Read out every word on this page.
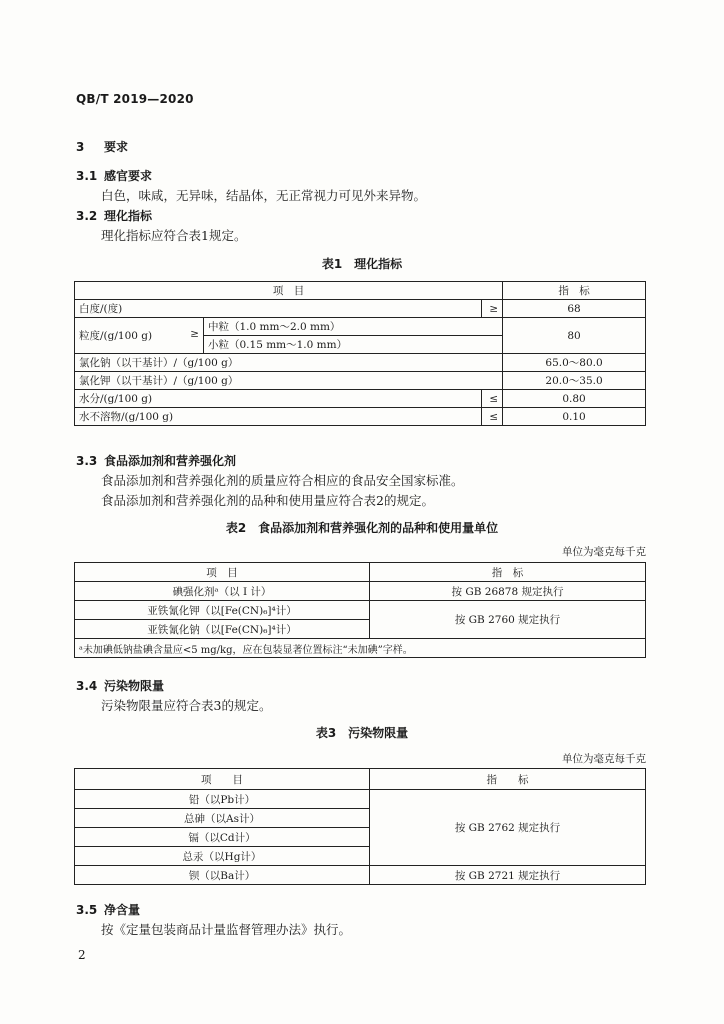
QB/T 2019—2020
3 要求
3.1 感官要求
白色，味咸，无异味，结晶体，无正常视力可见外来异物。
3.2 理化指标
理化指标应符合表1规定。
表1　理化指标
项　目			指　标
白度/(度)		≥	68
粒度/(g/100 g) ≥	中粒（1.0 mm～2.0 mm）		80
	小粒（0.15 mm～1.0 mm）		
氯化钠（以干基计）/（g/100 g）			65.0～80.0
氯化钾（以干基计）/（g/100 g）			20.0～35.0
水分/(g/100 g)		≤	0.80
水不溶物/(g/100 g)		≤	0.10
3.3 食品添加剂和营养强化剂
食品添加剂和营养强化剂的质量应符合相应的食品安全国家标准。
食品添加剂和营养强化剂的品种和使用量应符合表2的规定。
表2　食品添加剂和营养强化剂的品种和使用量单位
单位为毫克每千克
项　目	指　标
碘强化剂ᵃ（以 I 计）	按 GB 26878 规定执行
亚铁氰化钾（以[Fe(CN)₆]⁴计）	按 GB 2760 规定执行
亚铁氰化钠（以[Fe(CN)₆]⁴计）	
ᵃ未加碘低钠盐碘含量应<5 mg/kg，应在包装显著位置标注“未加碘”字样。	
3.4 污染物限量
污染物限量应符合表3的规定。
表3　污染物限量
单位为毫克每千克
项　　目	指　　标
铅（以Pb计）	按 GB 2762 规定执行
总砷（以As计）	
镉（以Cd计）	
总汞（以Hg计）	
钡（以Ba计）	按 GB 2721 规定执行
3.5 净含量
按《定量包装商品计量监督管理办法》执行。
2
